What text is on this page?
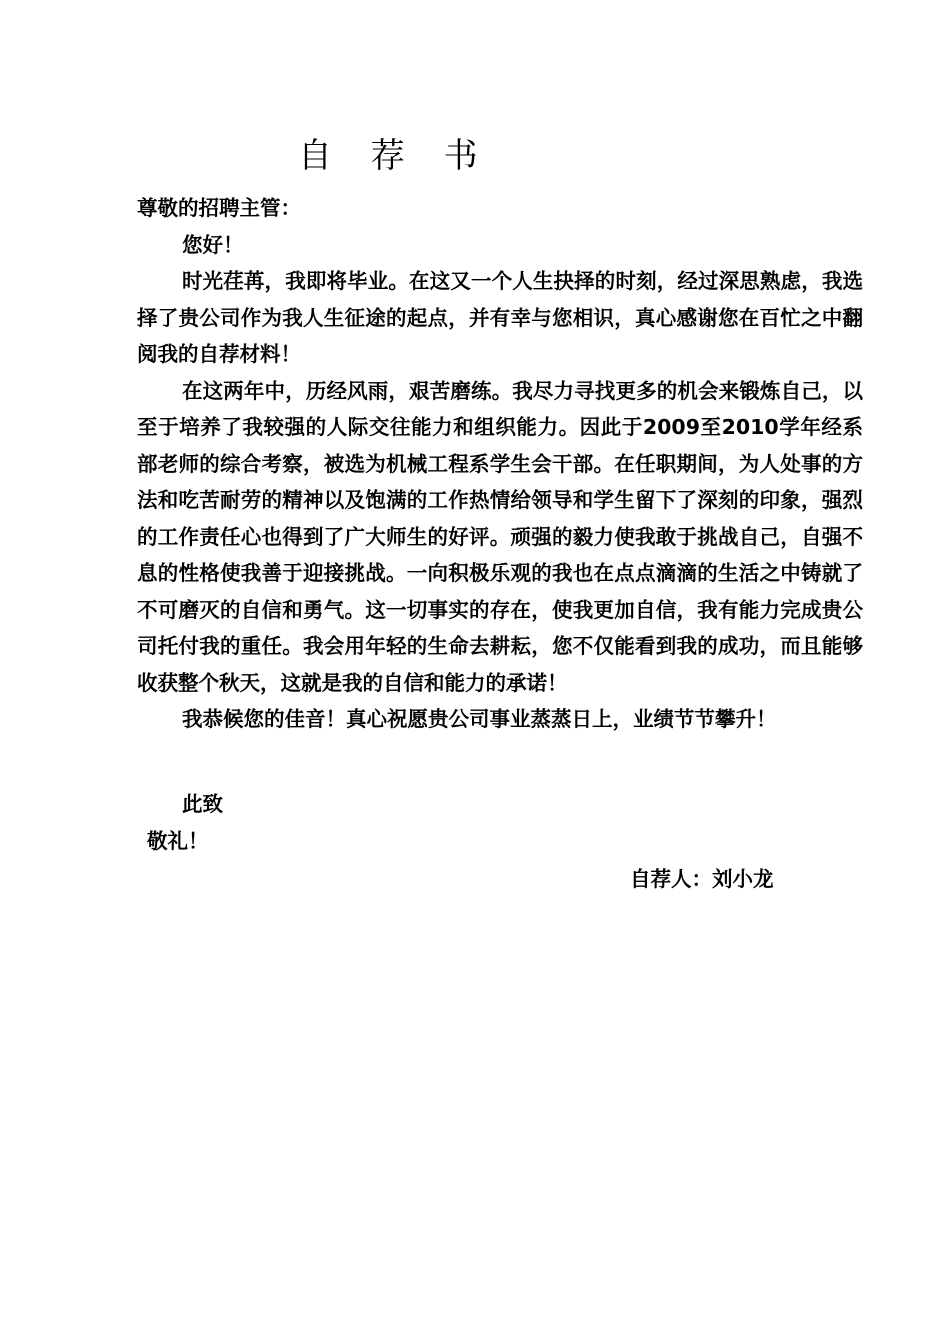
自 荐 书
尊敬的招聘主管：
您好！

时光荏苒，我即将毕业。在这又一个人生抉择的时刻，经过深思熟虑，我选择了贵公司作为我人生征途的起点，并有幸与您相识，真心感谢您在百忙之中翻阅我的自荐材料！

在这两年中，历经风雨，艰苦磨练。我尽力寻找更多的机会来锻炼自己，以至于培养了我较强的人际交往能力和组织能力。因此于2009至2010学年经系部老师的综合考察，被选为机械工程系学生会干部。在任职期间，为人处事的方法和吃苦耐劳的精神以及饱满的工作热情给领导和学生留下了深刻的印象，强烈的工作责任心也得到了广大师生的好评。顽强的毅力使我敢于挑战自己，自强不息的性格使我善于迎接挑战。一向积极乐观的我也在点点滴滴的生活之中铸就了不可磨灭的自信和勇气。这一切事实的存在，使我更加自信，我有能力完成贵公司托付我的重任。我会用年轻的生命去耕耘，您不仅能看到我的成功，而且能够收获整个秋天，这就是我的自信和能力的承诺！

我恭候您的佳音！真心祝愿贵公司事业蒸蒸日上，业绩节节攀升！

此致
敬礼！
自荐人：刘小龙
